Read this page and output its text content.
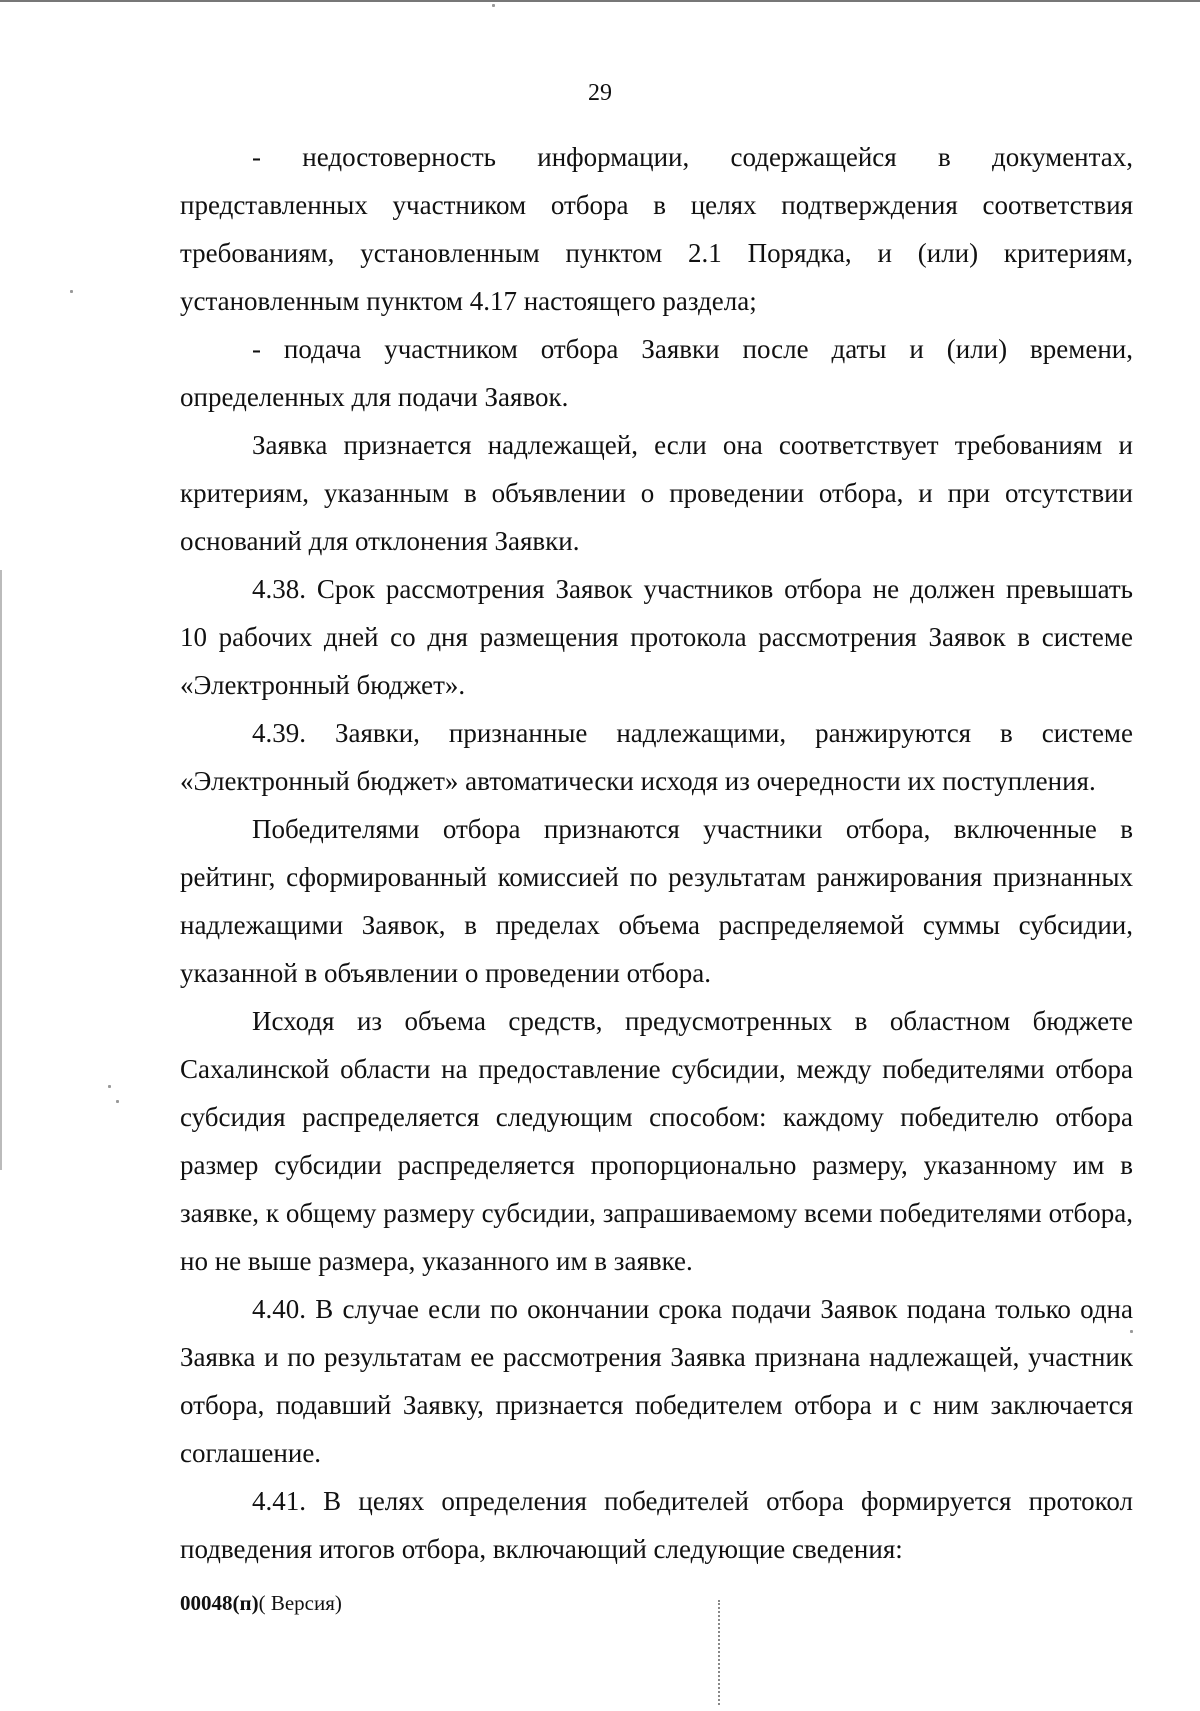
29

- недостоверность информации, содержащейся в документах, представленных участником отбора в целях подтверждения соответствия требованиям, установленным пунктом 2.1 Порядка, и (или) критериям, установленным пунктом 4.17 настоящего раздела;

- подача участником отбора Заявки после даты и (или) времени, определенных для подачи Заявок.

Заявка признается надлежащей, если она соответствует требованиям и критериям, указанным в объявлении о проведении отбора, и при отсутствии оснований для отклонения Заявки.

4.38. Срок рассмотрения Заявок участников отбора не должен превышать 10 рабочих дней со дня размещения протокола рассмотрения Заявок в системе «Электронный бюджет».

4.39. Заявки, признанные надлежащими, ранжируются в системе «Электронный бюджет» автоматически исходя из очередности их поступления.

Победителями отбора признаются участники отбора, включенные в рейтинг, сформированный комиссией по результатам ранжирования признанных надлежащими Заявок, в пределах объема распределяемой суммы субсидии, указанной в объявлении о проведении отбора.

Исходя из объема средств, предусмотренных в областном бюджете Сахалинской области на предоставление субсидии, между победителями отбора субсидия распределяется следующим способом: каждому победителю отбора размер субсидии распределяется пропорционально размеру, указанному им в заявке, к общему размеру субсидии, запрашиваемому всеми победителями отбора, но не выше размера, указанного им в заявке.

4.40. В случае если по окончании срока подачи Заявок подана только одна Заявка и по результатам ее рассмотрения Заявка признана надлежащей, участник отбора, подавший Заявку, признается победителем отбора и с ним заключается соглашение.

4.41. В целях определения победителей отбора формируется протокол подведения итогов отбора, включающий следующие сведения:

00048(п)( Версия)
